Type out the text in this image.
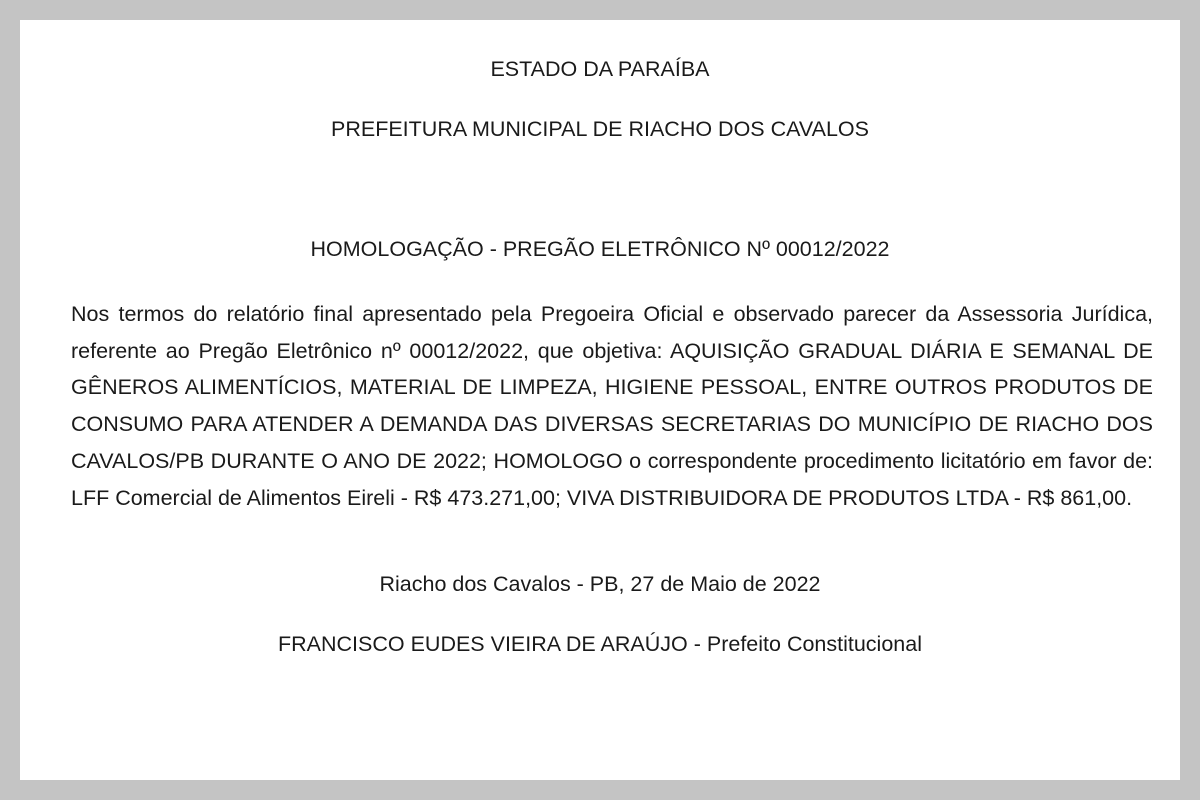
ESTADO DA PARAÍBA
PREFEITURA MUNICIPAL DE RIACHO DOS CAVALOS
HOMOLOGAÇÃO - PREGÃO ELETRÔNICO Nº 00012/2022
Nos termos do relatório final apresentado pela Pregoeira Oficial e observado parecer da Assessoria Jurídica, referente ao Pregão Eletrônico nº 00012/2022, que objetiva: AQUISIÇÃO GRADUAL DIÁRIA E SEMANAL DE GÊNEROS ALIMENTÍCIOS, MATERIAL DE LIMPEZA, HIGIENE PESSOAL, ENTRE OUTROS PRODUTOS DE CONSUMO PARA ATENDER A DEMANDA DAS DIVERSAS SECRETARIAS DO MUNICÍPIO DE RIACHO DOS CAVALOS/PB DURANTE O ANO DE 2022; HOMOLOGO o correspondente procedimento licitatório em favor de: LFF Comercial de Alimentos Eireli - R$ 473.271,00; VIVA DISTRIBUIDORA DE PRODUTOS LTDA - R$ 861,00.
Riacho dos Cavalos - PB, 27 de Maio de 2022
FRANCISCO EUDES VIEIRA DE ARAÚJO - Prefeito Constitucional
